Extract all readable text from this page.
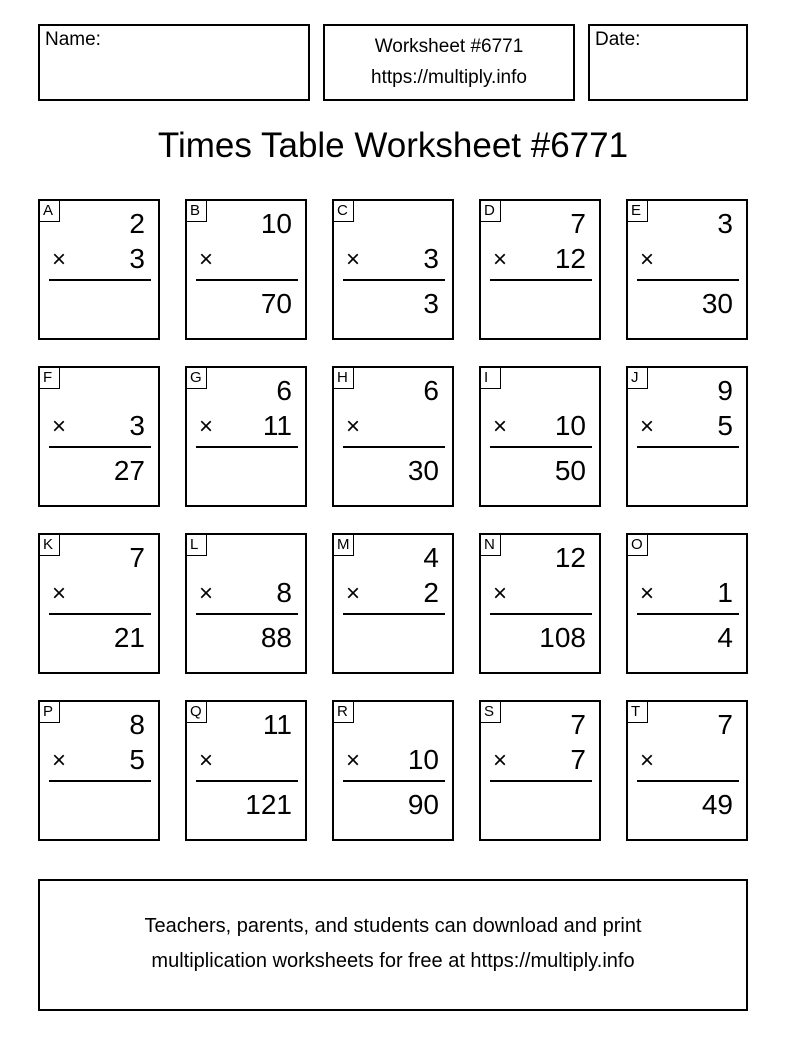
Name:	Worksheet #6771
https://multiply.info
Date:
Times Table Worksheet #6771
A	2
× 3
B 10
×
70
C
× 3
3
D	7
× 12
E	3
×
30
F
× 3
27
G	6
× 11
H	6
×
30
I
× 10
50
J	9
× 5
K	7
×
21
L
× 8
88
M	4
× 2
N 12
×
108
O
× 1
4
P	8
× 5
Q 11
×
121
R
× 10
90
S	7
× 7
T	7
×
49
Teachers, parents, and students can download and print
multiplication worksheets for free at https://multiply.info
